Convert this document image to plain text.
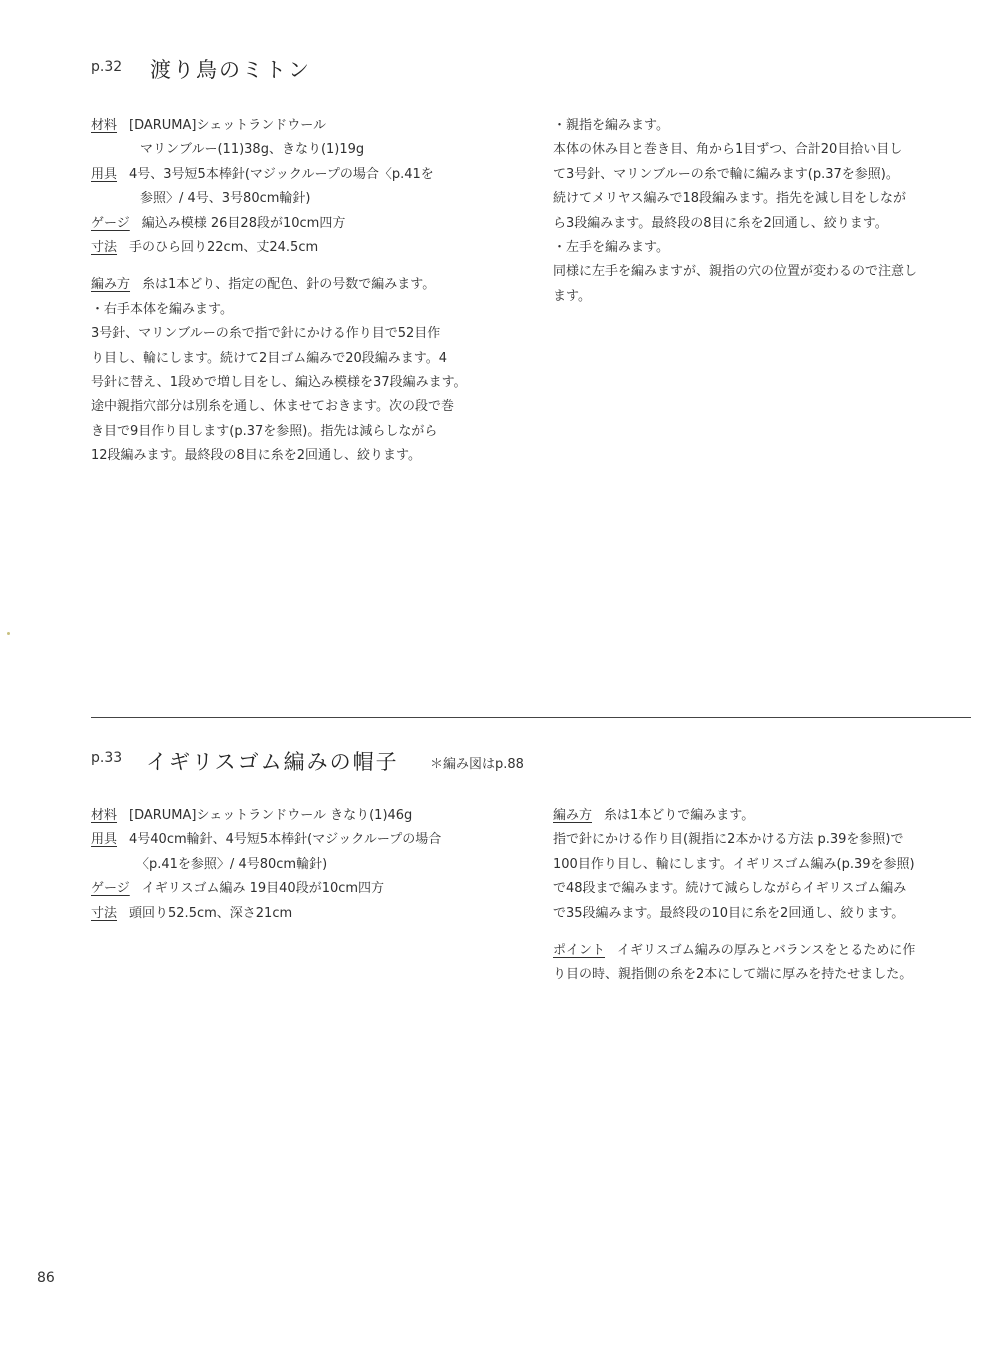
p.32 渡り鳥のミトン

材料 [DARUMA]シェットランドウール

マリンブルー(11)38g、きなり(1)19g

用具 4号、3号短5本棒針(マジックループの場合〈p.41を

参照〉/ 4号、3号80cm輪針)

ゲージ 編込み模様 26目28段が10cm四方

寸法 手のひら回り22cm、丈24.5cm

編み方 糸は1本どり、指定の配色、針の号数で編みます。

・右手本体を編みます。

3号針、マリンブルーの糸で指で針にかける作り目で52目作

り目し、輪にします。続けて2目ゴム編みで20段編みます。4

号針に替え、1段めで増し目をし、編込み模様を37段編みます。

途中親指穴部分は別糸を通し、休ませておきます。次の段で巻

き目で9目作り目します(p.37を参照)。指先は減らしながら

12段編みます。最終段の8目に糸を2回通し、絞ります。

・親指を編みます。

本体の休み目と巻き目、角から1目ずつ、合計20目拾い目し

て3号針、マリンブルーの糸で輪に編みます(p.37を参照)。

続けてメリヤス編みで18段編みます。指先を減し目をしなが

ら3段編みます。最終段の8目に糸を2回通し、絞ります。

・左手を編みます。

同様に左手を編みますが、親指の穴の位置が変わるので注意し

ます。

p.33 イギリスゴム編みの帽子 ＊編み図はp.88

材料 [DARUMA]シェットランドウール きなり(1)46g

用具 4号40cm輪針、4号短5本棒針(マジックループの場合

〈p.41を参照〉/ 4号80cm輪針)

ゲージ イギリスゴム編み 19目40段が10cm四方

寸法 頭回り52.5cm、深さ21cm

編み方 糸は1本どりで編みます。

指で針にかける作り目(親指に2本かける方法 p.39を参照)で

100目作り目し、輪にします。イギリスゴム編み(p.39を参照)

で48段まで編みます。続けて減らしながらイギリスゴム編み

で35段編みます。最終段の10目に糸を2回通し、絞ります。

ポイント イギリスゴム編みの厚みとバランスをとるために作

り目の時、親指側の糸を2本にして端に厚みを持たせました。

86
